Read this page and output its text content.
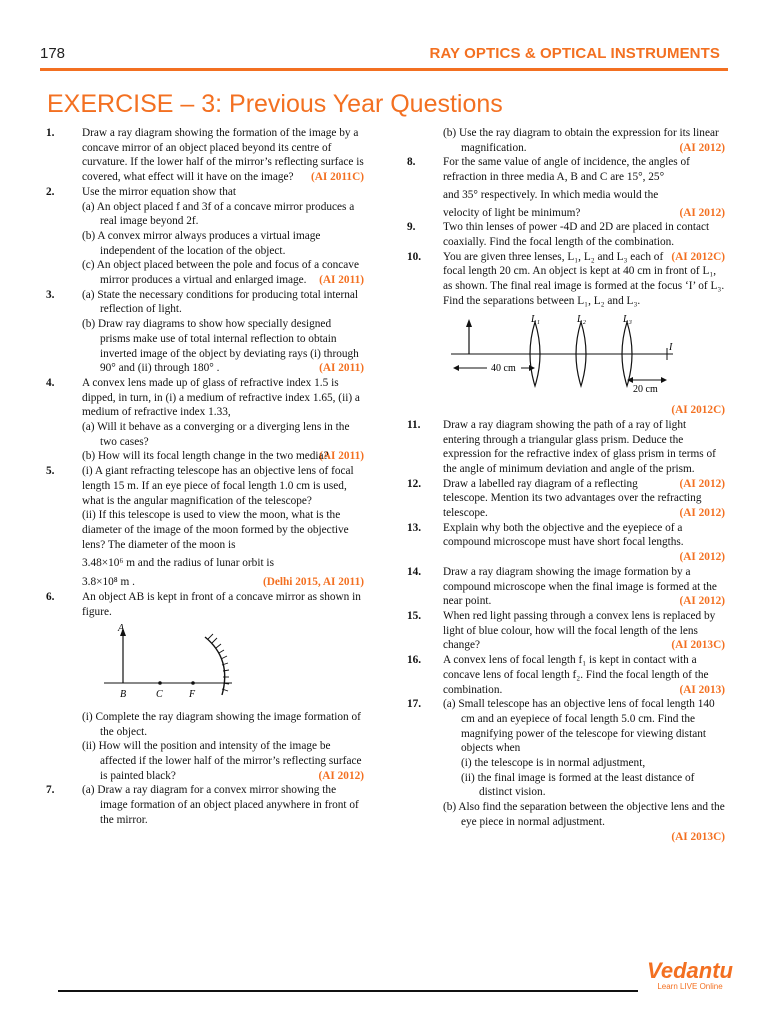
178	RAY OPTICS & OPTICAL INSTRUMENTS
EXERCISE – 3: Previous Year Questions
1. Draw a ray diagram showing the formation of the image by a concave mirror of an object placed beyond its centre of curvature. If the lower half of the mirror’s reflecting surface is covered, what effect will it have on the image? (AI 2011C)
2. Use the mirror equation show that
(a) An object placed f and 3f of a concave mirror produces a real image beyond 2f.
(b) A convex mirror always produces a virtual image independent of the location of the object.
(c) An object placed between the pole and focus of a concave mirror produces a virtual and enlarged image. (AI 2011)
3. (a) State the necessary conditions for producing total internal reflection of light.
(b) Draw ray diagrams to show how specially designed prisms make use of total internal reflection to obtain inverted image of the object by deviating rays (i) through 90° and (ii) through 180° .	(AI 2011)
4. A convex lens made up of glass of refractive index 1.5 is dipped, in turn, in (i) a medium of refractive index 1.65, (ii) a medium of refractive index 1.33,
(a) Will it behave as a converging or a diverging lens in the two cases?
(b) How will its focal length change in the two media?
(AI 2011)
5. (i) A giant refracting telescope has an objective lens of focal length 15 m. If an eye piece of focal length 1.0 cm is used, what is the angular magnification of the telescope?
(ii) If this telescope is used to view the moon, what is the diameter of the image of the moon formed by the objective lens? The diameter of the moon is
3.48×10⁶ m and the radius of lunar orbit is
3.8×10⁸ m .	(Delhi 2015, AI 2011)
6. An object AB is kept in front of a concave mirror as shown in figure.
A
B	C	F
(i) Complete the ray diagram showing the image formation of the object.
(ii) How will the position and intensity of the image be affected if the lower half of the mirror’s reflecting surface is painted black?	(AI 2012)
7. (a) Draw a ray diagram for a convex mirror showing the image formation of an object placed anywhere in front of the mirror.
(b) Use the ray diagram to obtain the expression for its linear magnification.	(AI 2012)
8. For the same value of angle of incidence, the angles of refraction in three media A, B and C are 15°, 25°
and 35° respectively. In which media would the
velocity of light be minimum?	(AI 2012)
9. Two thin lenses of power -4D and 2D are placed in contact coaxially. Find the focal length of the combination.
(AI 2012C)
10. You are given three lenses, L₁, L₂ and L₃ each of focal length 20 cm. An object is kept at 40 cm in front of L₁, as shown. The final real image is formed at the focus ‘I’ of L₃. Find the separations between L₁, L₂ and L₃.
L₁	L₂	L₃
I
40 cm
20 cm
(AI 2012C)
11. Draw a ray diagram showing the path of a ray of light entering through a triangular glass prism. Deduce the expression for the refractive index of glass prism in terms of the angle of minimum deviation and angle of the prism.
(AI 2012)
12. Draw a labelled ray diagram of a reflecting telescope. Mention its two advantages over the refracting telescope.	(AI 2012)
13. Explain why both the objective and the eyepiece of a compound microscope must have short focal lengths.
(AI 2012)
14. Draw a ray diagram showing the image formation by a compound microscope when the final image is formed at the near point.	(AI 2012)
15. When red light passing through a convex lens is replaced by light of blue colour, how will the focal length of the lens change?	(AI 2013C)
16. A convex lens of focal length f₁ is kept in contact with a concave lens of focal length f₂. Find the focal length of the combination.	(AI 2013)
17. (a) Small telescope has an objective lens of focal length 140 cm and an eyepiece of focal length 5.0 cm. Find the magnifying power of the telescope for viewing distant objects when
(i) the telescope is in normal adjustment,
(ii) the final image is formed at the least distance of distinct vision.
(b) Also find the separation between the objective lens and the eye piece in normal adjustment.
(AI 2013C)
Vedantu
Learn LIVE Online
